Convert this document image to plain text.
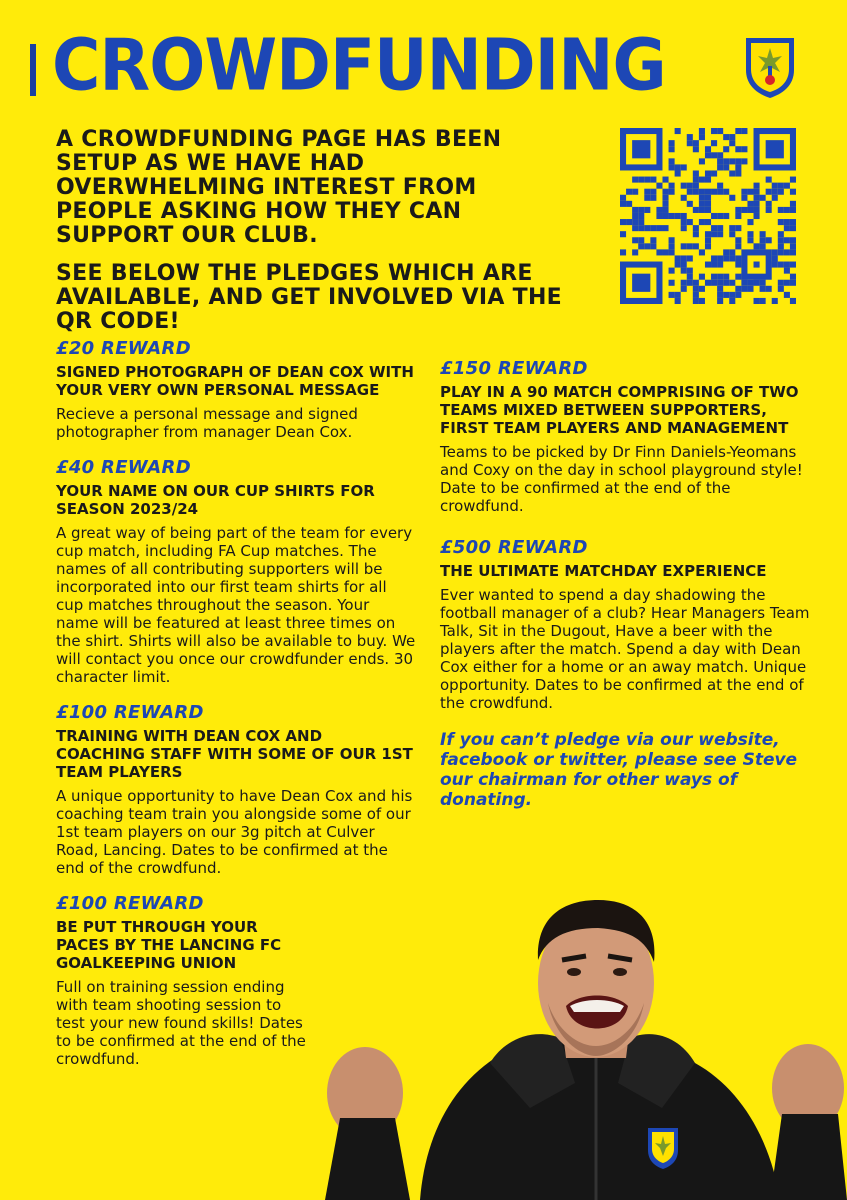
CROWDFUNDING

A CROWDFUNDING PAGE HAS BEEN SETUP AS WE HAVE HAD OVERWHELMING INTEREST FROM PEOPLE ASKING HOW THEY CAN SUPPORT OUR CLUB.

SEE BELOW THE PLEDGES WHICH ARE AVAILABLE, AND GET INVOLVED VIA THE QR CODE!

£20 REWARD
SIGNED PHOTOGRAPH OF DEAN COX WITH YOUR VERY OWN PERSONAL MESSAGE
Recieve a personal message and signed photographer from manager Dean Cox.
£40 REWARD
YOUR NAME ON OUR CUP SHIRTS FOR SEASON 2023/24
A great way of being part of the team for every cup match, including FA Cup matches. The names of all contributing supporters will be incorporated into our first team shirts for all cup matches throughout the season. Your name will be featured at least three times on the shirt. Shirts will also be available to buy. We will contact you once our crowdfunder ends. 30 character limit.
£100 REWARD
TRAINING WITH DEAN COX AND COACHING STAFF WITH SOME OF OUR 1ST TEAM PLAYERS
A unique opportunity to have Dean Cox and his coaching team train you alongside some of our 1st team players on our 3g pitch at Culver Road, Lancing. Dates to be confirmed at the end of the crowdfund.
£100 REWARD
BE PUT THROUGH YOUR PACES BY THE LANCING FC GOALKEEPING UNION
Full on training session ending with team shooting session to test your new found skills! Dates to be confirmed at the end of the crowdfund.
£150 REWARD
PLAY IN A 90 MATCH COMPRISING OF TWO TEAMS MIXED BETWEEN SUPPORTERS, FIRST TEAM PLAYERS AND MANAGEMENT
Teams to be picked by Dr Finn Daniels-Yeomans and Coxy on the day in school playground style! Date to be confirmed at the end of the crowdfund.
£500 REWARD
THE ULTIMATE MATCHDAY EXPERIENCE
Ever wanted to spend a day shadowing the football manager of a club? Hear Managers Team Talk, Sit in the Dugout, Have a beer with the players after the match. Spend a day with Dean Cox either for a home or an away match. Unique opportunity. Dates to be confirmed at the end of the crowdfund.
If you can’t pledge via our website, facebook or twitter, please see Steve our chairman for other ways of donating.
